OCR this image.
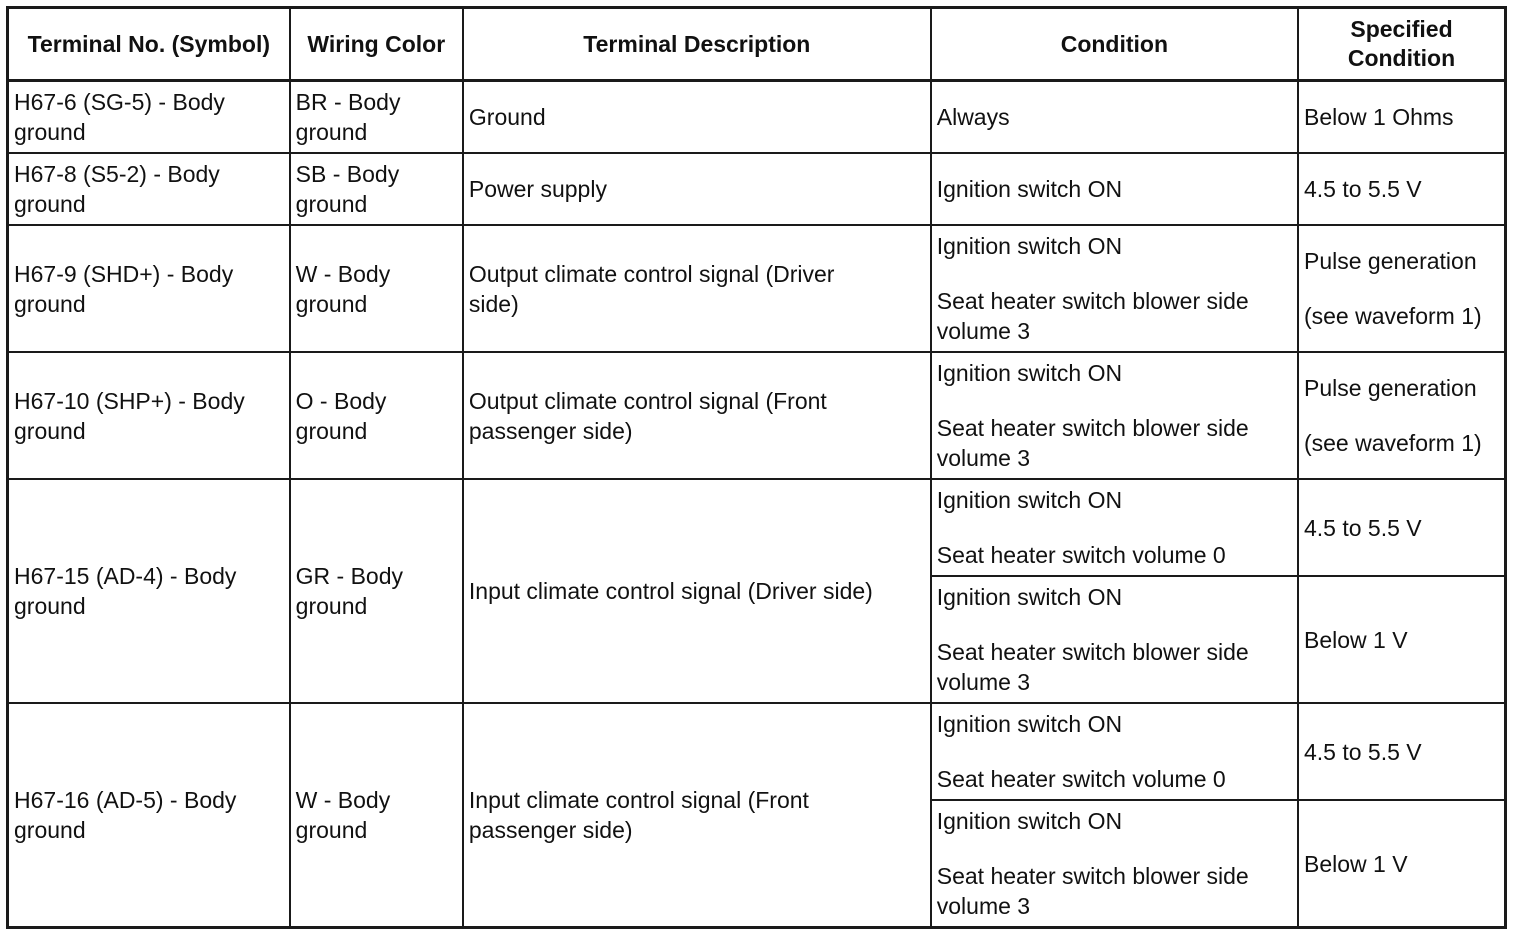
Terminal No. (Symbol)	Wiring Color	Terminal Description	Condition	Specified
Condition

H67-6 (SG-5) - Body
ground	BR - Body
ground	Ground	Always	Below 1 Ohms

H67-8 (S5-2) - Body
ground	SB - Body
ground	Power supply	Ignition switch ON	4.5 to 5.5 V

H67-9 (SHD+) - Body
ground	W - Body
ground	Output climate control signal (Driver
side)	Ignition switch ON
Seat heater switch blower side
volume 3	Pulse generation
(see waveform 1)

H67-10 (SHP+) - Body
ground	O - Body
ground	Output climate control signal (Front
passenger side)	Ignition switch ON
Seat heater switch blower side
volume 3	Pulse generation
(see waveform 1)

H67-15 (AD-4) - Body
ground	GR - Body
ground	Input climate control signal (Driver side)	Ignition switch ON
Seat heater switch volume 0	4.5 to 5.5 V

			Ignition switch ON
Seat heater switch blower side
volume 3	Below 1 V

H67-16 (AD-5) - Body
ground	W - Body
ground	Input climate control signal (Front
passenger side)	Ignition switch ON
Seat heater switch volume 0	4.5 to 5.5 V

			Ignition switch ON
Seat heater switch blower side
volume 3	Below 1 V
